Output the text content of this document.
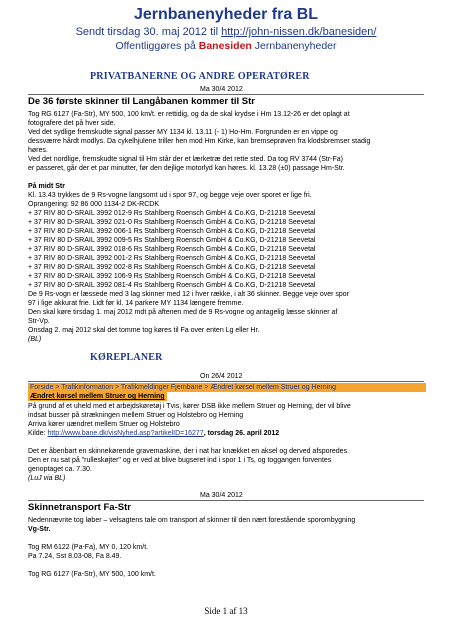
Jernbanenyheder fra BL
Sendt tirsdag 30. maj 2012 til http://john-nissen.dk/banesiden/
Offentliggøres på Banesiden Jernbanenyheder
PRIVATBANERNE OG ANDRE OPERATØRER
Ma 30/4 2012
De 36 første skinner til Langåbanen kommer til Str
Tog RG 6127 (Fa-Str), MY 500, 100 km/t. er rettidig, og da de skal krydse i Hm 13.12-26 er det oplagt at
fotografere det på hver side.
Ved det sydlige fremskudte signal passer MY 1134 kl. 13.11 (- 1) Ho-Hm. Forgrunden er en vippe og
dessværre hårdt modlys. Da cykelhjulene triller hen mod Hm Kirke, kan bremseprøven fra klodsbremser stadig
høres.
Ved det nordlige, fremskudte signal til Hm står der et lærketræ det rette sted. Da tog RV 3744 (Str-Fa)
er passeret, går der et par minutter, før den dejlige motorlyd kan høres. kl. 13.28 (±0) passage Hm-Str.
På midt Str
Kl. 13.43 trykkes de 9 Rs-vogne langsomt ud i spor 97, og begge veje over sporet er lige fri.
Oprangering: 92 86 000 1134-2 DK-RCDK
+ 37 RIV 80 D-SRAIL 3992 012-9 Rs Stahlberg Roensch GmbH & Co.KG, D-21218 Seevetal
+ 37 RIV 80 D-SRAIL 3992 021-0 Rs Stahlberg Roensch GmbH & Co.KG, D-21218 Seevetal
+ 37 RIV 80 D-SRAIL 3992 006-1 Rs Stahlberg Roensch GmbH & Co.KG, D-21218 Seevetal
+ 37 RIV 80 D-SRAIL 3992 009-5 Rs Stahlberg Roensch GmbH & Co.KG, D-21218 Seevetal
+ 37 RIV 80 D-SRAIL 3992 018-6 Rs Stahlberg Roensch GmbH & Co.KG, D-21218 Seevetal
+ 37 RIV 80 D-SRAIL 3992 001-2 Rs Stahlberg Roensch GmbH & Co.KG, D-21218 Seevetal
+ 37 RIV 80 D-SRAIL 3992 002-8 Rs Stahlberg Roensch GmbH & Co.KG, D-21218 Seevetal
+ 37 RIV 80 D-SRAIL 3992 106-9 Rs Stahlberg Roensch GmbH & Co.KG, D-21218 Seevetal
+ 37 RIV 80 D-SRAIL 3992 081-4 Rs Stahlberg Roensch GmbH & Co.KG, D-21218 Seevetal
De 9 Rs-vogn er læssede med 3 lag skinner med 12 i hver række, i alt 36 skinner. Begge veje over spor
97 i lige akkurat frie. Lidt før kl. 14 parkere MY 1134 længere fremme.
Den skal køre tirsdag 1. maj 2012 mdt på aftenen med de 9 Rs-vogne og antagelig læsse skinner af
Str-Vp.
Onsdag 2. maj 2012 skal det tomme tog køres til Fa over enten Lg eller Hr.
(BL)
KØREPLANER
On 26/4 2012
Forside > Trafikinformation > Trafikmeldinger Fjernbane > Ændret kørsel mellem Struer og Herning
Ændret kørsel mellem Struer og Herning
På grund af et uheld med et arbejdskøretøj i Tvis, kører DSB ikke mellem Struer og Herning, der vil blive
indsat busser på strækningen mellem Struer og Holstebro og Herning
Arriva kører uændret mellem Struer og Holstebro
Kilde: http://www.bane.dk/visNyhed.asp?artikelID=16277, torsdag 26. april 2012
Det er åbenbart en skinnekørende gravemaskine, der i nat har knækket en aksel og derved afsporedes.
Den er nu sat på "rulleskøjter" og er ved at blive bugseret ind i spor 1 i Ts, og toggangen forventes
genoptaget ca. 7.30.
(LuJ via BL)
Ma 30/4 2012
Skinnetransport Fa-Str
Nedennævnte tog løber – velsagtens tale om transport af skinner til den nært forestående sporombygning
Vg-Str.
Tog RM 6122 (Pa-Fa), MY 0, 120 km/t.
Pa 7.24, Sst 8.03-08, Fa 8.49.
Tog RG 6127 (Fa-Str), MY 500, 100 km/t.
Side 1 af 13
